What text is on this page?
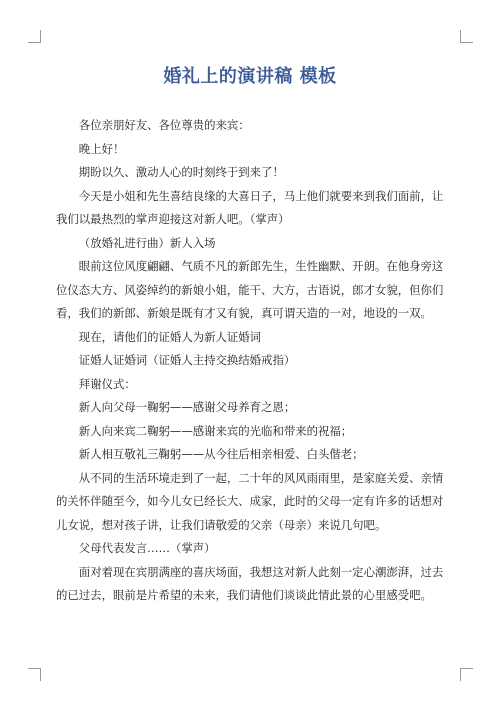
婚礼上的演讲稿 模板

各位亲朋好友、各位尊贵的来宾：

晚上好！

期盼以久、激动人心的时刻终于到来了！

今天是小姐和先生喜结良缘的大喜日子，马上他们就要来到我们面前，让我们以最热烈的掌声迎接这对新人吧。（掌声）

（放婚礼进行曲）新人入场

眼前这位风度翩翩、气质不凡的新郎先生，生性幽默、开朗。在他身旁这位仪态大方、风姿绰约的新娘小姐，能干、大方，古语说，郎才女貌，但你们看，我们的新郎、新娘是既有才又有貌，真可谓天造的一对，地设的一双。

现在，请他们的证婚人为新人证婚词

证婚人证婚词（证婚人主持交换结婚戒指）

拜谢仪式：

新人向父母一鞠躬——感谢父母养育之恩；

新人向来宾二鞠躬——感谢来宾的光临和带来的祝福；

新人相互敬礼三鞠躬——从今往后相亲相爱、白头偕老；

从不同的生活环境走到了一起，二十年的风风雨雨里，是家庭关爱、亲情的关怀伴随至今，如今儿女已经长大、成家，此时的父母一定有许多的话想对儿女说，想对孩子讲，让我们请敬爱的父亲（母亲）来说几句吧。

父母代表发言……（掌声）

面对着现在宾朋满座的喜庆场面，我想这对新人此刻一定心潮澎湃，过去的已过去，眼前是片希望的未来，我们请他们谈谈此情此景的心里感受吧。
